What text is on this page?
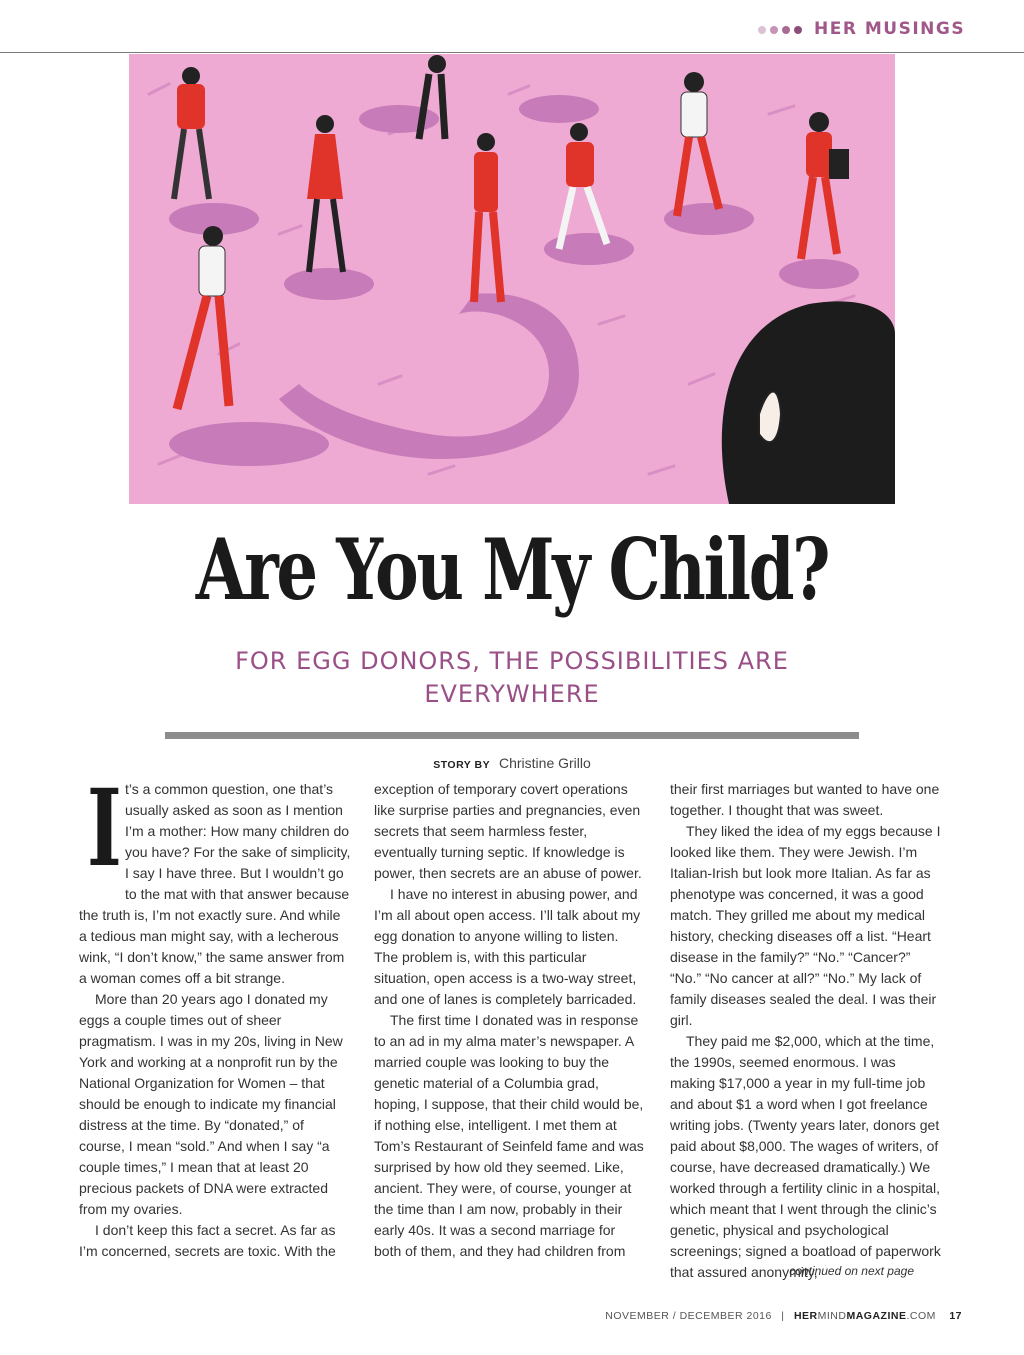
HER MUSINGS
Are You My Child?
FOR EGG DONORS, THE POSSIBILITIES ARE EVERYWHERE
STORY BY Christine Grillo
I t’s a common question, one that’s usually asked as soon as I mention I’m a mother: How many children do you have? For the sake of simplicity, I say I have three. But I wouldn’t go to the mat with that answer because the truth is, I’m not exactly sure. And while a tedious man might say, with a lecherous wink, “I don’t know,” the same answer from a woman comes off a bit strange.

More than 20 years ago I donated my eggs a couple times out of sheer pragmatism. I was in my 20s, living in New York and working at a nonprofit run by the National Organization for Women – that should be enough to indicate my financial distress at the time. By “donated,” of course, I mean “sold.” And when I say “a couple times,” I mean that at least 20 precious packets of DNA were extracted from my ovaries.

I don’t keep this fact a secret. As far as I’m concerned, secrets are toxic. With the

exception of temporary covert operations like surprise parties and pregnancies, even secrets that seem harmless fester, eventually turning septic. If knowledge is power, then secrets are an abuse of power.

I have no interest in abusing power, and I’m all about open access. I’ll talk about my egg donation to anyone willing to listen. The problem is, with this particular situation, open access is a two-way street, and one of lanes is completely barricaded.

The first time I donated was in response to an ad in my alma mater’s newspaper. A married couple was looking to buy the genetic material of a Columbia grad, hoping, I suppose, that their child would be, if nothing else, intelligent. I met them at Tom’s Restaurant of Seinfeld fame and was surprised by how old they seemed. Like, ancient. They were, of course, younger at the time than I am now, probably in their early 40s. It was a second marriage for both of them, and they had children from

their first marriages but wanted to have one together. I thought that was sweet.

They liked the idea of my eggs because I looked like them. They were Jewish. I’m Italian-Irish but look more Italian. As far as phenotype was concerned, it was a good match. They grilled me about my medical history, checking diseases off a list. “Heart disease in the family?” “No.” “Cancer?” “No.” “No cancer at all?” “No.” My lack of family diseases sealed the deal. I was their girl.

They paid me $2,000, which at the time, the 1990s, seemed enormous. I was making $17,000 a year in my full-time job and about $1 a word when I got freelance writing jobs. (Twenty years later, donors get paid about $8,000. The wages of writers, of course, have decreased dramatically.) We worked through a fertility clinic in a hospital, which meant that I went through the clinic’s genetic, physical and psychological screenings; signed a boatload of paperwork that assured anonymity,

continued on next page
NOVEMBER / DECEMBER 2016 | HERMINDMAGAZINE.COM 17
